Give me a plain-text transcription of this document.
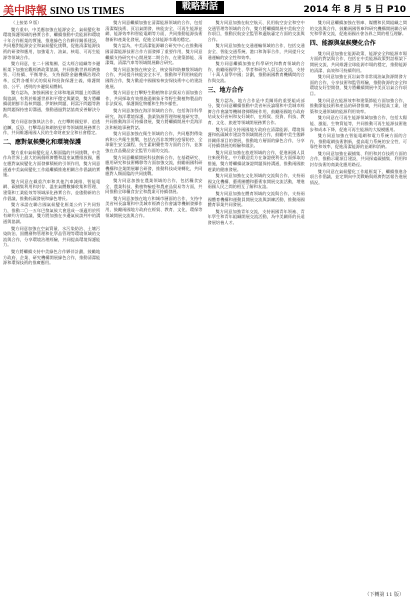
美中時報 SINO US TIMES	戰略對話	2014 年 8 月 5 日 P10

（上接第 9 版）

雙方重申，中美應加強在能源安全、氣候變化和環境保護領域的務實合作，繼續推動中美能源和環境十年合作框架的實施，推進綠色合作夥伴關係建設，共同應對能源安全和氣候變化挑戰，促進清潔能源技術的研發和應用，加強電力、油氣、核電、可再生能源等領域合作。

雙方同意，在二十國集團、亞太經合組織等多邊框架下加強宏觀經濟政策協調，共同推動世界經濟強勁、可持續、平衡增長，支持國際金融機構治理改革，反對各種形式的貿易和投資保護主義，維護開放、公平、透明的多邊貿易體制。

雙方認為，加強兩國在全球和地區問題上的溝通與協調，有利於維護世界和平穩定與繁榮，雙方將繼續就朝鮮半島核問題、伊朗核問題、阿富汗問題等熱點問題保持密切溝通，推動通過對話協商妥善解決分歧。

雙方同意加強執法合作，在打擊跨國犯罪、追逃追贓、反恐、打擊毒品和網絡犯罪等領域開展務實合作，共同維護兩國人民的生命財產安全和社會穩定。

二、應對氣候變化和環境保護

雙方重申氣候變化是人類面臨的共同挑戰，中美作為世界上最大的兩個經濟體和溫室氣體排放國，應在應對氣候變化方面發揮積極的引領作用，雙方同意通過中美氣候變化工作組繼續推進相關合作倡議的實施。

雙方同意在載重汽車和其他汽車減排、智能電網、碳捕集利用和封存、溫室氣體數據收集和管理、建築和工業能效等領域深化務實合作，並啟動新的合作倡議，推動低碳發展和綠色增長。

雙方承諾在聯合國氣候變化框架公約下共同努力，推動二〇一五年巴黎氣候大會達成一項適用於所有締約方的協議，雙方將加強在多邊氣候談判中的溝通與協調。

雙方同意加強在空氣質量、水污染防治、土壤污染防治、固體廢物管理和化學品管理等環境領域的交流與合作，分享環境治理經驗，共同提高環境保護能力。

雙方將繼續支持中美綠色合作夥伴計劃，鼓勵地方政府、企業、研究機構開展綠色合作，推動清潔能源和環保技術的推廣應用。

雙方同意繼續加強在清潔能源領域的合作，包括清潔煤技術、頁岩氣開發、核能安全、可再生能源並網、能源效率和智能電網等方面，共同推動能源技術創新和產業化發展，促進全球能源市場的穩定。

雙方認為，中美清潔能源聯合研究中心在推動兩國清潔能源技術合作方面發揮了重要作用，雙方同意繼續支持研究中心開展第二期合作，在建築節能、清潔煤、清潔汽車等領域開展聯合研究。

雙方同意加強在核安全、核安保和防擴散領域的合作，共同提升核能安全水平，推動和平利用核能的國際合作，雙方歡迎中國國家核安保技術中心的建設進展。

雙方同意在打擊野生動植物非法貿易方面加強合作，共同採取有效措施遏制象牙等野生動植物製品的非法貿易，保護瀕危物種和生物多樣性。

雙方同意加強在海洋領域的合作，包括海洋科學研究、海洋環境保護、漁業資源管理和極地研究等，共同推動海洋可持續發展，雙方將繼續開展中美海洋法和極地事務對話。

雙方同意加強在衛生領域的合作，共同應對傳染病和公共衛生挑戰，包括在西非埃博拉疫情防控、全球衛生安全議程、抗生素耐藥性等方面的合作，並加強在食品藥品安全監管方面的交流。

雙方同意繼續開展科技創新合作，在基礎研究、應用研究和技術轉移等方面加強交流，鼓勵兩國科研機構和企業開展聯合研發，推動科技成果轉化，共同應對人類面臨的共同挑戰。

雙方同意加強在農業領域的合作，包括糧食安全、農業科技、動植物檢疫和農產品貿易等方面，共同推動全球糧食安全和農業可持續發展。

雙方同意加強在地方和城市層面的合作，支持中美省州長論壇和中美城市經濟合作會議等機制發揮作用，鼓勵兩國地方政府在經貿、教育、文化、環保等領域開展交流與合作。

雙方同意加強在航空航天、民用航空安全和空中交通管理等領域的合作，雙方將繼續開展中美航空合作項目，推動民航安全監管和適航審定方面的交流與合作。

雙方同意加強在交通運輸領域的合作，包括交通安全、智能交通系統、港口和海事合作，共同提升交通運輸的安全性和效率。

雙方同意繼續加強在科學研究和教育領域的合作，鼓勵兩國學生、學者和研究人員互訪交流，支持「十萬人留學中國」計劃，推動兩國教育機構間的合作與交流。

三、地方合作

雙方認為，地方合作是中美關係的重要組成部分，雙方同意繼續推動中美省州長論壇和中美城市經濟合作會議等機制發揮積極作用，鼓勵兩國地方政府結成友好省州和友好城市，在經貿、投資、科技、教育、文化、旅遊等領域開展務實合作。

雙方同意支持兩國地方政府在清潔能源、環境保護和低碳城市建設等領域開展合作，鼓勵中美生態夥伴關係項目的發展，推動地方層面的綠色合作，分享可持續發展的經驗和做法。

雙方同意加強在旅遊領域的合作，促進兩國人員往來便利化，中方歡迎美方在簽證便利化方面採取的措施，雙方將繼續就簽證問題保持溝通，推動兩國旅遊業的健康發展。

雙方同意加強在文化領域的交流與合作，支持兩國文化機構、藝術團體和藝術家開展交流活動，增進兩國人民之間的相互了解和友誼。

雙方同意加強在體育領域的交流與合作，支持兩國體育機構和運動員開展交流與訓練活動，推動兩國體育事業共同發展。

雙方同意加強青年交流，支持兩國青年領袖、青年學生和青年組織開展交流活動，為中美關係的長遠發展培養人才。

雙方同意繼續加強在智庫、媒體和民間組織之間的交流與合作，鼓勵兩國智庫和研究機構開展聯合研究和學術交流，促進兩國社會各界之間的相互理解。

四、能源與氣候變化合作

雙方同意加強在能源政策、能源安全和能源市場方面的對話與合作，包括在中美能源政策對話框架下開展交流，共同維護全球能源市場的穩定，推動能源的清潔、高效和可持續利用。

雙方同意加強在頁岩氣等非常規油氣資源開發方面的合作，分享技術和監管經驗，推動資源的安全和環境友好型開發，雙方將繼續開展中美頁岩氣合作項目。

雙方同意在能源效率和建築節能方面加強合作，推動節能技術和產品的研發推廣，共同提高工業、建築和交通領域的能源利用效率。

雙方同意在可再生能源領域加強合作，包括太陽能、風能、生物質能等，共同推動可再生能源技術進步和成本下降，促進可再生能源的大規模應用。

雙方同意加強在智能電網和電力系統方面的合作，推動電網技術創新，提高電力系統的安全性、可靠性和效率，促進清潔能源的並網和消納。

雙方同意加強在碳捕集、利用和封存技術方面的合作，推動示範項目建設，共同探索碳捕集、利用和封存技術的商業化應用路徑。

雙方同意在氣候變化工作組框架下，繼續推進各項合作倡議，並定期向中美戰略與經濟對話報告進展情況。

（下轉第 11 版）
